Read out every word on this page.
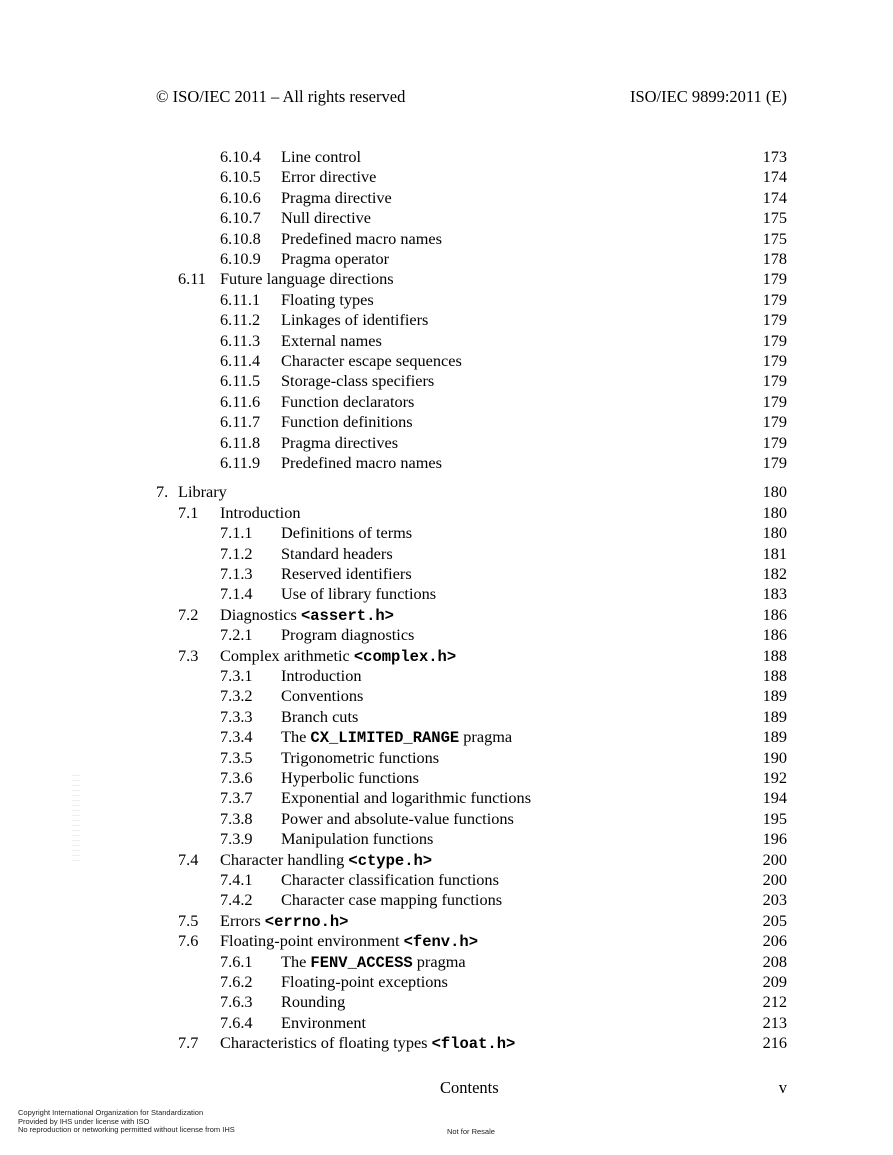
© ISO/IEC 2011 – All rights reserved	ISO/IEC 9899:2011 (E)
6.10.4 Line control	173
6.10.5 Error directive	174
6.10.6 Pragma directive	174
6.10.7 Null directive	175
6.10.8 Predefined macro names	175
6.10.9 Pragma operator	178
6.11 Future language directions	179
6.11.1 Floating types	179
6.11.2 Linkages of identifiers	179
6.11.3 External names	179
6.11.4 Character escape sequences	179
6.11.5 Storage-class specifiers	179
6.11.6 Function declarators	179
6.11.7 Function definitions	179
6.11.8 Pragma directives	179
6.11.9 Predefined macro names	179
7. Library	180
7.1 Introduction	180
7.1.1 Definitions of terms	180
7.1.2 Standard headers	181
7.1.3 Reserved identifiers	182
7.1.4 Use of library functions	183
7.2 Diagnostics <assert.h>	186
7.2.1 Program diagnostics	186
7.3 Complex arithmetic <complex.h>	188
7.3.1 Introduction	188
7.3.2 Conventions	189
7.3.3 Branch cuts	189
7.3.4 The CX_LIMITED_RANGE pragma	189
7.3.5 Trigonometric functions	190
7.3.6 Hyperbolic functions	192
7.3.7 Exponential and logarithmic functions	194
7.3.8 Power and absolute-value functions	195
7.3.9 Manipulation functions	196
7.4 Character handling <ctype.h>	200
7.4.1 Character classification functions	200
7.4.2 Character case mapping functions	203
7.5 Errors <errno.h>	205
7.6 Floating-point environment <fenv.h>	206
7.6.1 The FENV_ACCESS pragma	208
7.6.2 Floating-point exceptions	209
7.6.3 Rounding	212
7.6.4 Environment	213
7.7 Characteristics of floating types <float.h>	216
Contents	v
Copyright International Organization for Standardization
Provided by IHS under license with ISO
No reproduction or networking permitted without license from IHS	Not for Resale
